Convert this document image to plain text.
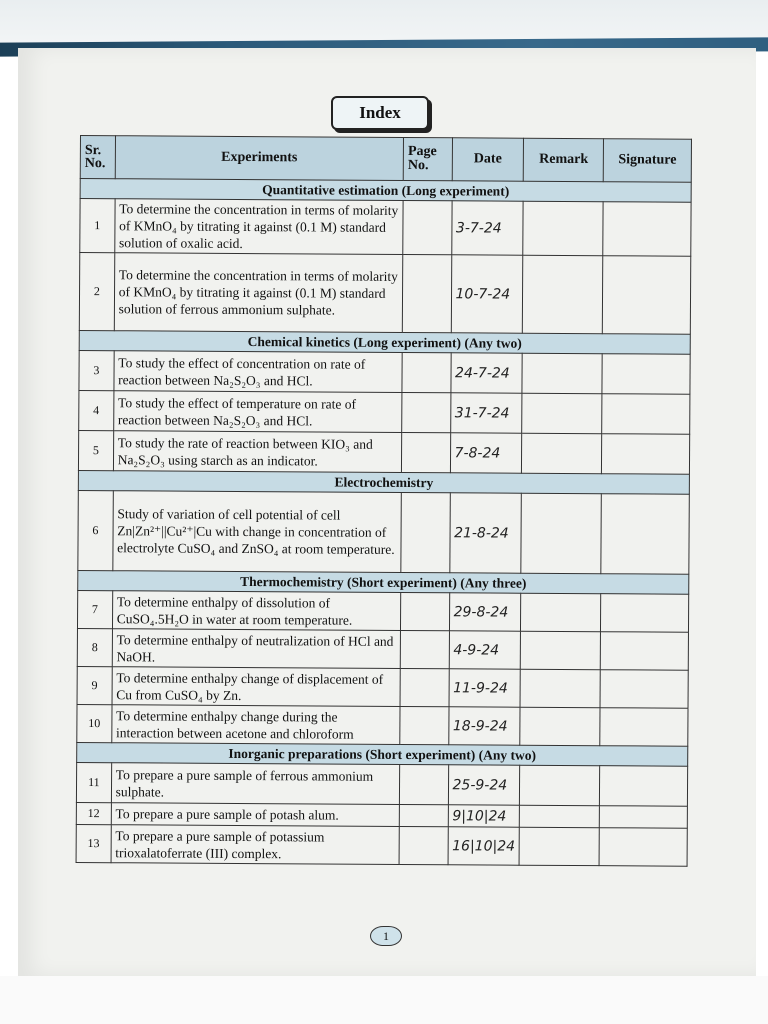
Index
Sr. No.	Experiments	Page No.	Date	Remark	Signature
Quantitative estimation (Long experiment)					
1	To determine the concentration in terms of molarity of KMnO₄ by titrating it against (0.1 M) standard solution of oxalic acid.		3-7-24		
2	To determine the concentration in terms of molarity of KMnO₄ by titrating it against (0.1 M) standard solution of ferrous ammonium sulphate.		10-7-24		
Chemical kinetics (Long experiment) (Any two)					
3	To study the effect of concentration on rate of reaction between Na₂S₂O₃ and HCl.		24-7-24		
4	To study the effect of temperature on rate of reaction between Na₂S₂O₃ and HCl.		31-7-24		
5	To study the rate of reaction between KIO₃ and Na₂S₂O₃ using starch as an indicator.		7-8-24		
Electrochemistry					
6	Study of variation of cell potential of cell Zn|Zn²⁺||Cu²⁺|Cu with change in concentration of electrolyte CuSO₄ and ZnSO₄ at room temperature.		21-8-24		
Thermochemistry (Short experiment) (Any three)					
7	To determine enthalpy of dissolution of CuSO₄.5H₂O in water at room temperature.		29-8-24		
8	To determine enthalpy of neutralization of HCl and NaOH.		4-9-24		
9	To determine enthalpy change of displacement of Cu from CuSO₄ by Zn.		11-9-24		
10	To determine enthalpy change during the interaction between acetone and chloroform		18-9-24		
Inorganic preparations (Short experiment) (Any two)					
11	To prepare a pure sample of ferrous ammonium sulphate.		25-9-24		
12	To prepare a pure sample of potash alum.		9|10|24		
13	To prepare a pure sample of potassium trioxalatoferrate (III) complex.		16|10|24		
1
